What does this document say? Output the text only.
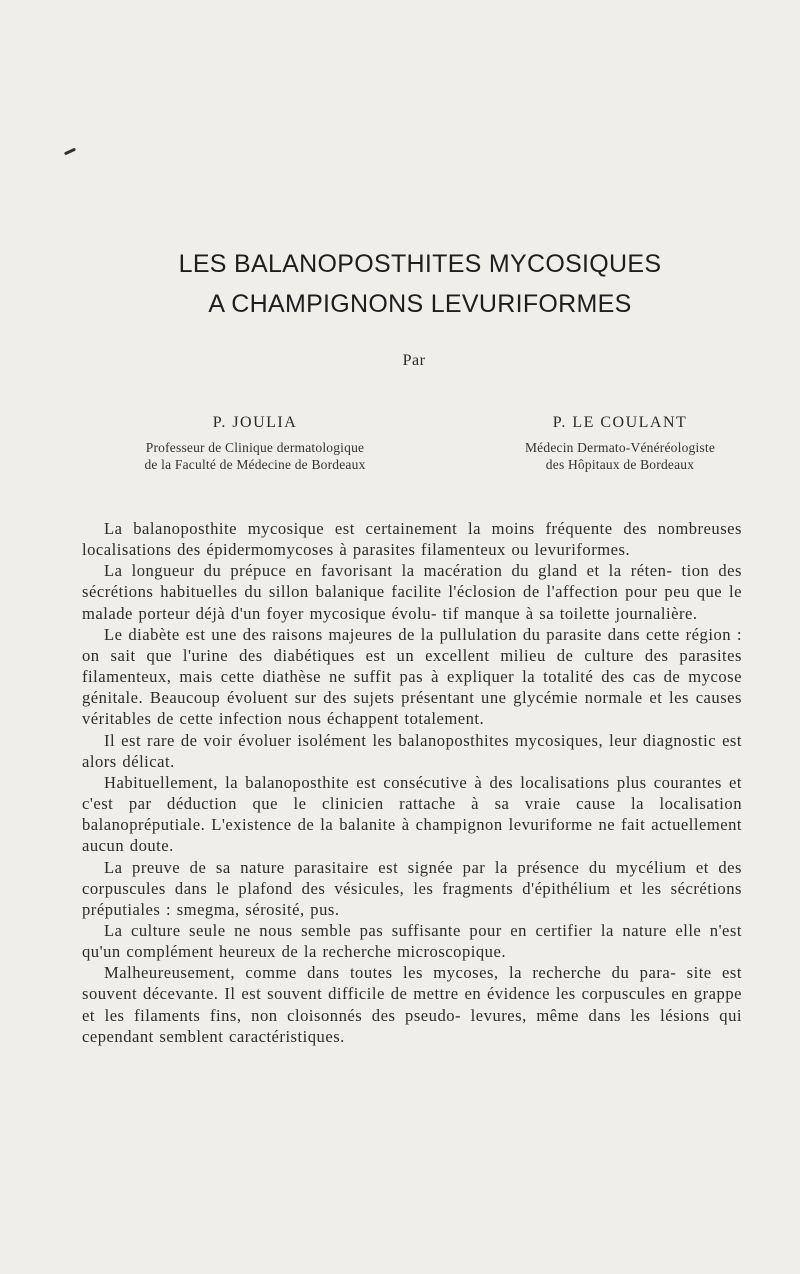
LES BALANOPOSTHITES MYCOSIQUES
A CHAMPIGNONS LEVURIFORMES
Par
P. JOULIA
Professeur de Clinique dermatologique
de la Faculté de Médecine de Bordeaux
P. LE COULANT
Médecin Dermato-Vénéréologiste
des Hôpitaux de Bordeaux

La balanoposthite mycosique est certainement la moins fréquente des nombreuses localisations des épidermomycoses à parasites filamenteux ou levuriformes.

La longueur du prépuce en favorisant la macération du gland et la réten- tion des sécrétions habituelles du sillon balanique facilite l'éclosion de l'affection pour peu que le malade porteur déjà d'un foyer mycosique évolu- tif manque à sa toilette journalière.

Le diabète est une des raisons majeures de la pullulation du parasite dans cette région : on sait que l'urine des diabétiques est un excellent milieu de culture des parasites filamenteux, mais cette diathèse ne suffit pas à expliquer la totalité des cas de mycose génitale. Beaucoup évoluent sur des sujets présentant une glycémie normale et les causes véritables de cette infection nous échappent totalement.

Il est rare de voir évoluer isolément les balanoposthites mycosiques, leur diagnostic est alors délicat.

Habituellement, la balanoposthite est consécutive à des localisations plus courantes et c'est par déduction que le clinicien rattache à sa vraie cause la localisation balanopréputiale. L'existence de la balanite à champignon levuriforme ne fait actuellement aucun doute.

La preuve de sa nature parasitaire est signée par la présence du mycélium et des corpuscules dans le plafond des vésicules, les fragments d'épithélium et les sécrétions préputiales : smegma, sérosité, pus.

La culture seule ne nous semble pas suffisante pour en certifier la nature elle n'est qu'un complément heureux de la recherche microscopique.

Malheureusement, comme dans toutes les mycoses, la recherche du para- site est souvent décevante. Il est souvent difficile de mettre en évidence les corpuscules en grappe et les filaments fins, non cloisonnés des pseudo- levures, même dans les lésions qui cependant semblent caractéristiques.
